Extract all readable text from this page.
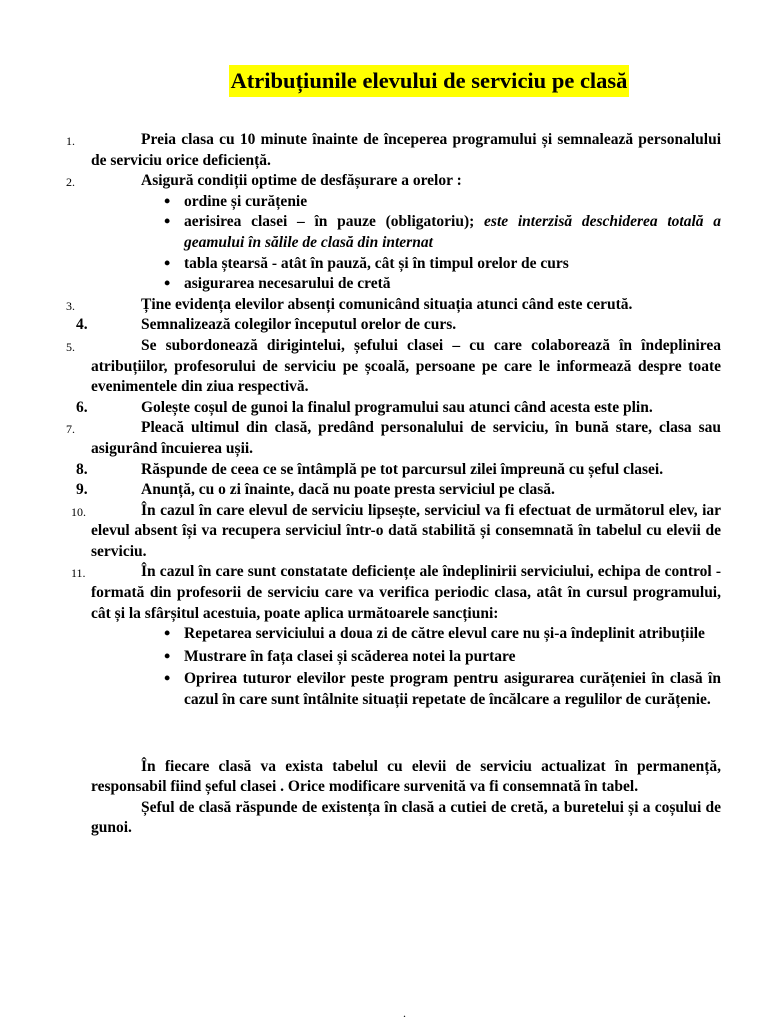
Atribuțiunile elevului de serviciu pe clasă

1.	Preia clasa cu 10 minute înainte de începerea programului și semnalează personalului de serviciu orice deficiență.

2.	Asigură condiții optime de desfășurare a orelor :

• ordine și curățenie
• aerisirea clasei – în pauze (obligatoriu); este interzisă deschiderea totală a geamului în sălile de clasă din internat
• tabla ștearsă - atât în pauză, cât și în timpul orelor de curs
• asigurarea necesarului de cretă

3.	Ține evidența elevilor absenți comunicând situația atunci când este cerută.

4.	Semnalizează colegilor începutul orelor de curs.

5.	Se subordonează dirigintelui, șefului clasei – cu care colaborează în îndeplinirea atribuțiilor, profesorului de serviciu pe școală, persoane pe care le informează despre toate evenimentele din ziua respectivă.

6.	Golește coșul de gunoi la finalul programului sau atunci când acesta este plin.

7.	Pleacă ultimul din clasă, predând personalului de serviciu, în bună stare, clasa sau asigurând încuierea ușii.

8.	Răspunde de ceea ce se întâmplă pe tot parcursul zilei împreună cu șeful clasei.

9.	Anunță, cu o zi înainte, dacă nu poate presta serviciul pe clasă.

10.	În cazul în care elevul de serviciu lipsește, serviciul va fi efectuat de următorul elev, iar elevul absent își va recupera serviciul într-o dată stabilită și consemnată în tabelul cu elevii de serviciu.

11.	În cazul în care sunt constatate deficiențe ale îndeplinirii serviciului, echipa de control - formată din profesorii de serviciu care va verifica periodic clasa, atât în cursul programului, cât și la sfârșitul acestuia, poate aplica următoarele sancțiuni:

• Repetarea serviciului a doua zi de către elevul care nu și-a îndeplinit atribuțiile
• Mustrare în fața clasei și scăderea notei la purtare
• Oprirea tuturor elevilor peste program pentru asigurarea curățeniei în clasă în cazul în care sunt întâlnite situații repetate de încălcare a regulilor de curățenie.

În fiecare clasă va exista tabelul cu elevii de serviciu actualizat în permanență, responsabil fiind șeful clasei . Orice modificare survenită va fi consemnată în tabel.

Șeful de clasă răspunde de existența în clasă a cutiei de cretă, a buretelui și a coșului de gunoi.

.
